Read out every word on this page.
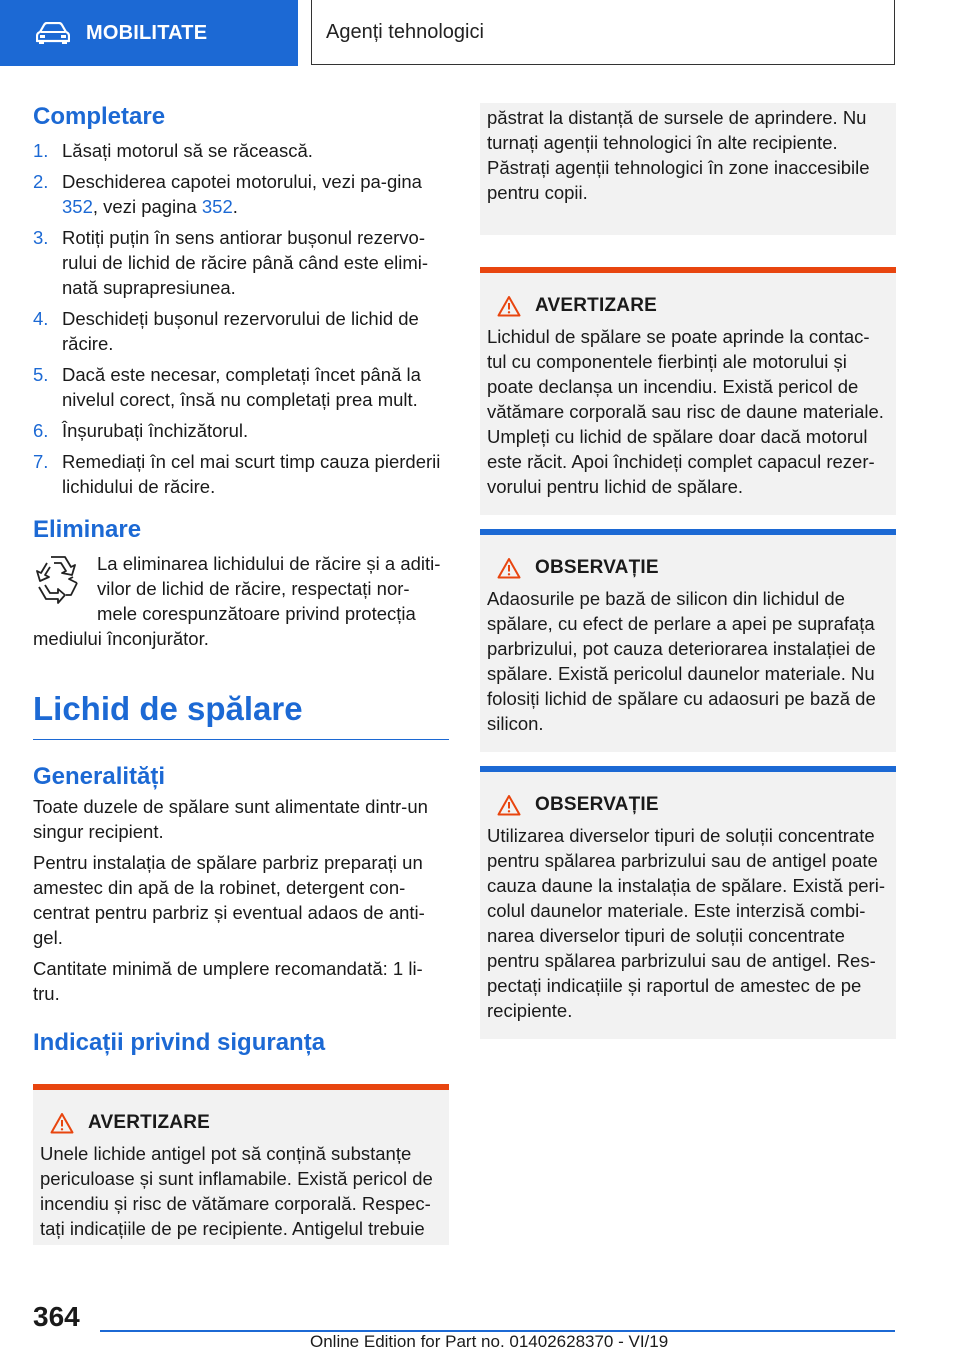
MOBILITATE	Agenți tehnologici
Completare
1. Lăsați motorul să se răcească.
2. Deschiderea capotei motorului, vezi pa-gina 352, vezi pagina 352.
3. Rotiți puțin în sens antiorar bușonul rezervo-rului de lichid de răcire până când este elimi-nată suprapresiunea.
4. Deschideți bușonul rezervorului de lichid de răcire.
5. Dacă este necesar, completați încet până la nivelul corect, însă nu completați prea mult.
6. Înșurubați închizătorul.
7. Remediați în cel mai scurt timp cauza pierderii lichidului de răcire.
Eliminare

La eliminarea lichidului de răcire și a aditi-vilor de lichid de răcire, respectați nor-mele corespunzătoare privind protecția mediului înconjurător.

Lichid de spălare
Generalități

Toate duzele de spălare sunt alimentate dintr-un singur recipient.

Pentru instalația de spălare parbriz preparați un amestec din apă de la robinet, detergent con-centrat pentru parbriz și eventual adaos de anti-gel.

Cantitate minimă de umplere recomandată: 1 li-tru.

Indicații privind siguranța
AVERTIZARE

Unele lichide antigel pot să conțină substanțe periculoase și sunt inflamabile. Există pericol de incendiu și risc de vătămare corporală. Respec-tați indicațiile de pe recipiente. Antigelul trebuie

păstrat la distanță de sursele de aprindere. Nu turnați agenții tehnologici în alte recipiente. Păstrați agenții tehnologici în zone inaccesibile pentru copii.

AVERTIZARE

Lichidul de spălare se poate aprinde la contac-tul cu componentele fierbinți ale motorului și poate declanșa un incendiu. Există pericol de vătămare corporală sau risc de daune materiale. Umpleți cu lichid de spălare doar dacă motorul este răcit. Apoi închideți complet capacul rezer-vorului pentru lichid de spălare.

OBSERVAȚIE

Adaosurile pe bază de silicon din lichidul de spălare, cu efect de perlare a apei pe suprafața parbrizului, pot cauza deteriorarea instalației de spălare. Există pericolul daunelor materiale. Nu folosiți lichid de spălare cu adaosuri pe bază de silicon.

OBSERVAȚIE

Utilizarea diverselor tipuri de soluții concentrate pentru spălarea parbrizului sau de antigel poate cauza daune la instalația de spălare. Există peri-colul daunelor materiale. Este interzisă combi-narea diverselor tipuri de soluții concentrate pentru spălarea parbrizului sau de antigel. Res-pectați indicațiile și raportul de amestec de pe recipiente.

364
Online Edition for Part no. 01402628370 - VI/19
